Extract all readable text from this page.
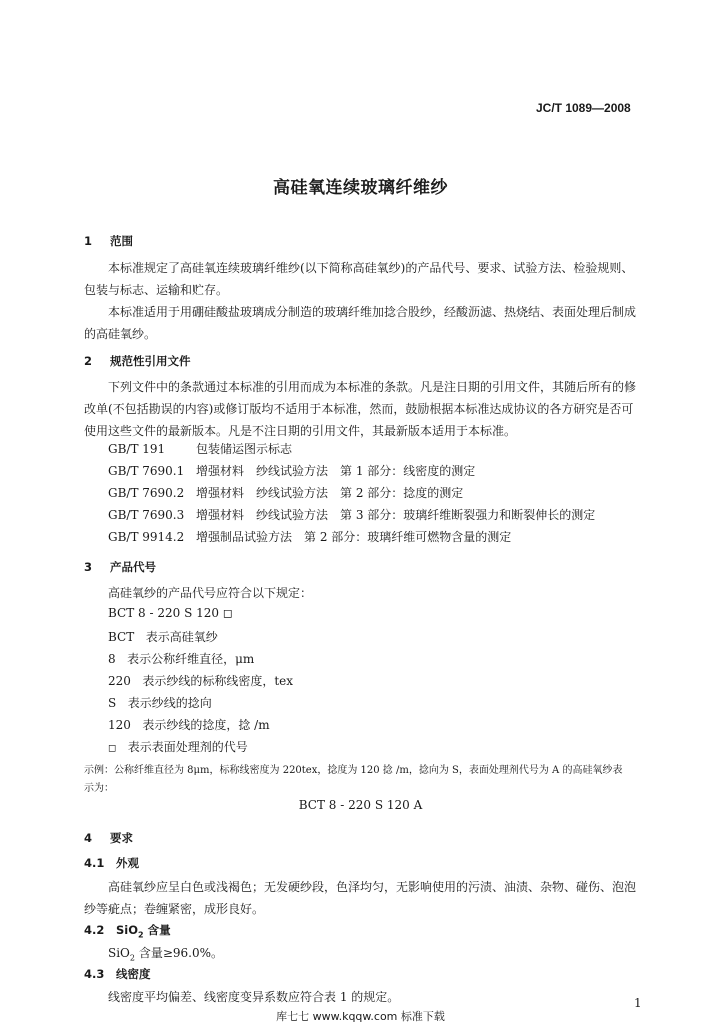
JC/T 1089—2008
高硅氧连续玻璃纤维纱
1 范围
本标准规定了高硅氧连续玻璃纤维纱(以下简称高硅氧纱)的产品代号、要求、试验方法、检验规则、包装与标志、运输和贮存。
本标准适用于用硼硅酸盐玻璃成分制造的玻璃纤维加捻合股纱，经酸沥滤、热烧结、表面处理后制成的高硅氧纱。
2 规范性引用文件
下列文件中的条款通过本标准的引用而成为本标准的条款。凡是注日期的引用文件，其随后所有的修改单(不包括勘误的内容)或修订版均不适用于本标准，然而，鼓励根据本标准达成协议的各方研究是否可使用这些文件的最新版本。凡是不注日期的引用文件，其最新版本适用于本标准。
GB/T 191	包装储运图示标志
GB/T 7690.1 增强材料　纱线试验方法　第 1 部分：线密度的测定
GB/T 7690.2 增强材料　纱线试验方法　第 2 部分：捻度的测定
GB/T 7690.3 增强材料　纱线试验方法　第 3 部分：玻璃纤维断裂强力和断裂伸长的测定
GB/T 9914.2 增强制品试验方法　第 2 部分：玻璃纤维可燃物含量的测定
3 产品代号
高硅氧纱的产品代号应符合以下规定：
BCT 8 - 220 S 120 ◻
BCT 表示高硅氧纱
8 表示公称纤维直径，μm
220 表示纱线的标称线密度，tex
S 表示纱线的捻向
120 表示纱线的捻度，捻 /m
◻ 表示表面处理剂的代号
示例：公称纤维直径为 8μm，标称线密度为 220tex，捻度为 120 捻 /m，捻向为 S，表面处理剂代号为 A 的高硅氧纱表
示为：
BCT 8 - 220 S 120 A
4 要求
4.1 外观
高硅氧纱应呈白色或浅褐色；无发硬纱段，色泽均匀，无影响使用的污渍、油渍、杂物、碰伤、泡泡纱等疵点；卷缠紧密，成形良好。
4.2 SiO$_2$ 含量
SiO$_2$ 含量≥96.0%。
4.3 线密度
线密度平均偏差、线密度变异系数应符合表 1 的规定。	1
库七七 www.kqqw.com 标准下载
